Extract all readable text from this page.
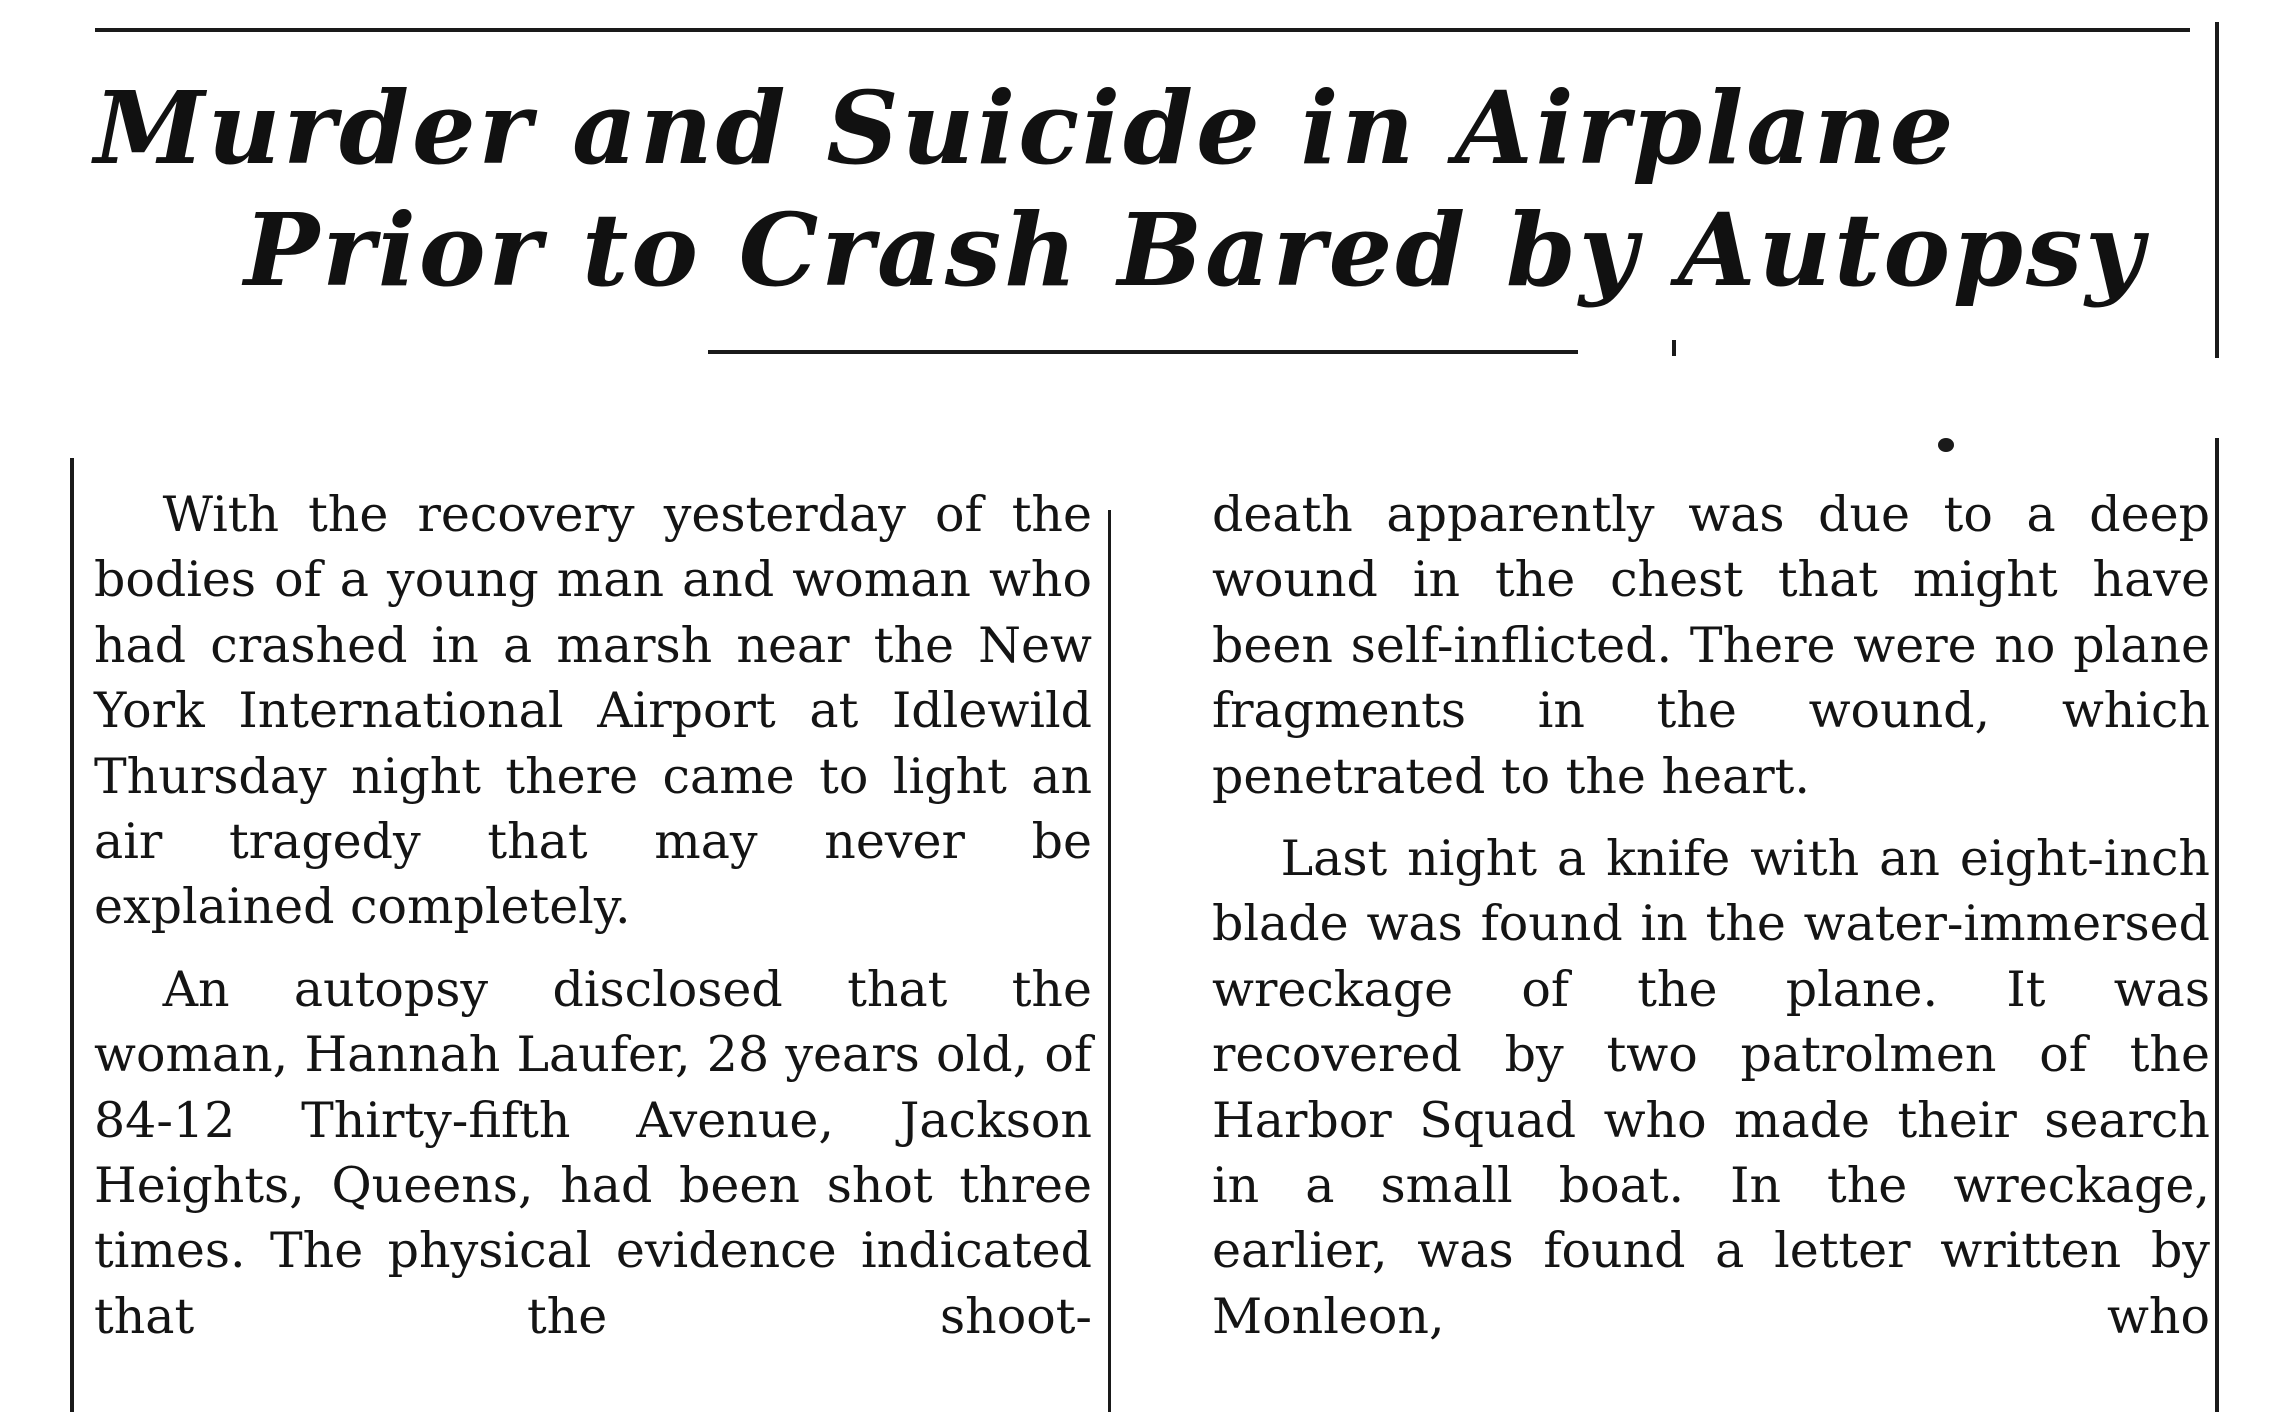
Murder and Suicide in Airplane
Prior to Crash Bared by Autopsy

With the recovery yesterday of the bodies of a young man and woman who had crashed in a marsh near the New York International Airport at Idlewild Thursday night there came to light an air tragedy that may never be explained completely.

An autopsy disclosed that the woman, Hannah Laufer, 28 years old, of 84-12 Thirty-fifth Avenue, Jackson Heights, Queens, had been shot three times. The physical evidence indicated that the shoot-

death apparently was due to a deep wound in the chest that might have been self-inflicted. There were no plane fragments in the wound, which penetrated to the heart.

Last night a knife with an eight-inch blade was found in the water-immersed wreckage of the plane. It was recovered by two patrolmen of the Harbor Squad who made their search in a small boat. In the wreckage, earlier, was found a letter written by Monleon, who
